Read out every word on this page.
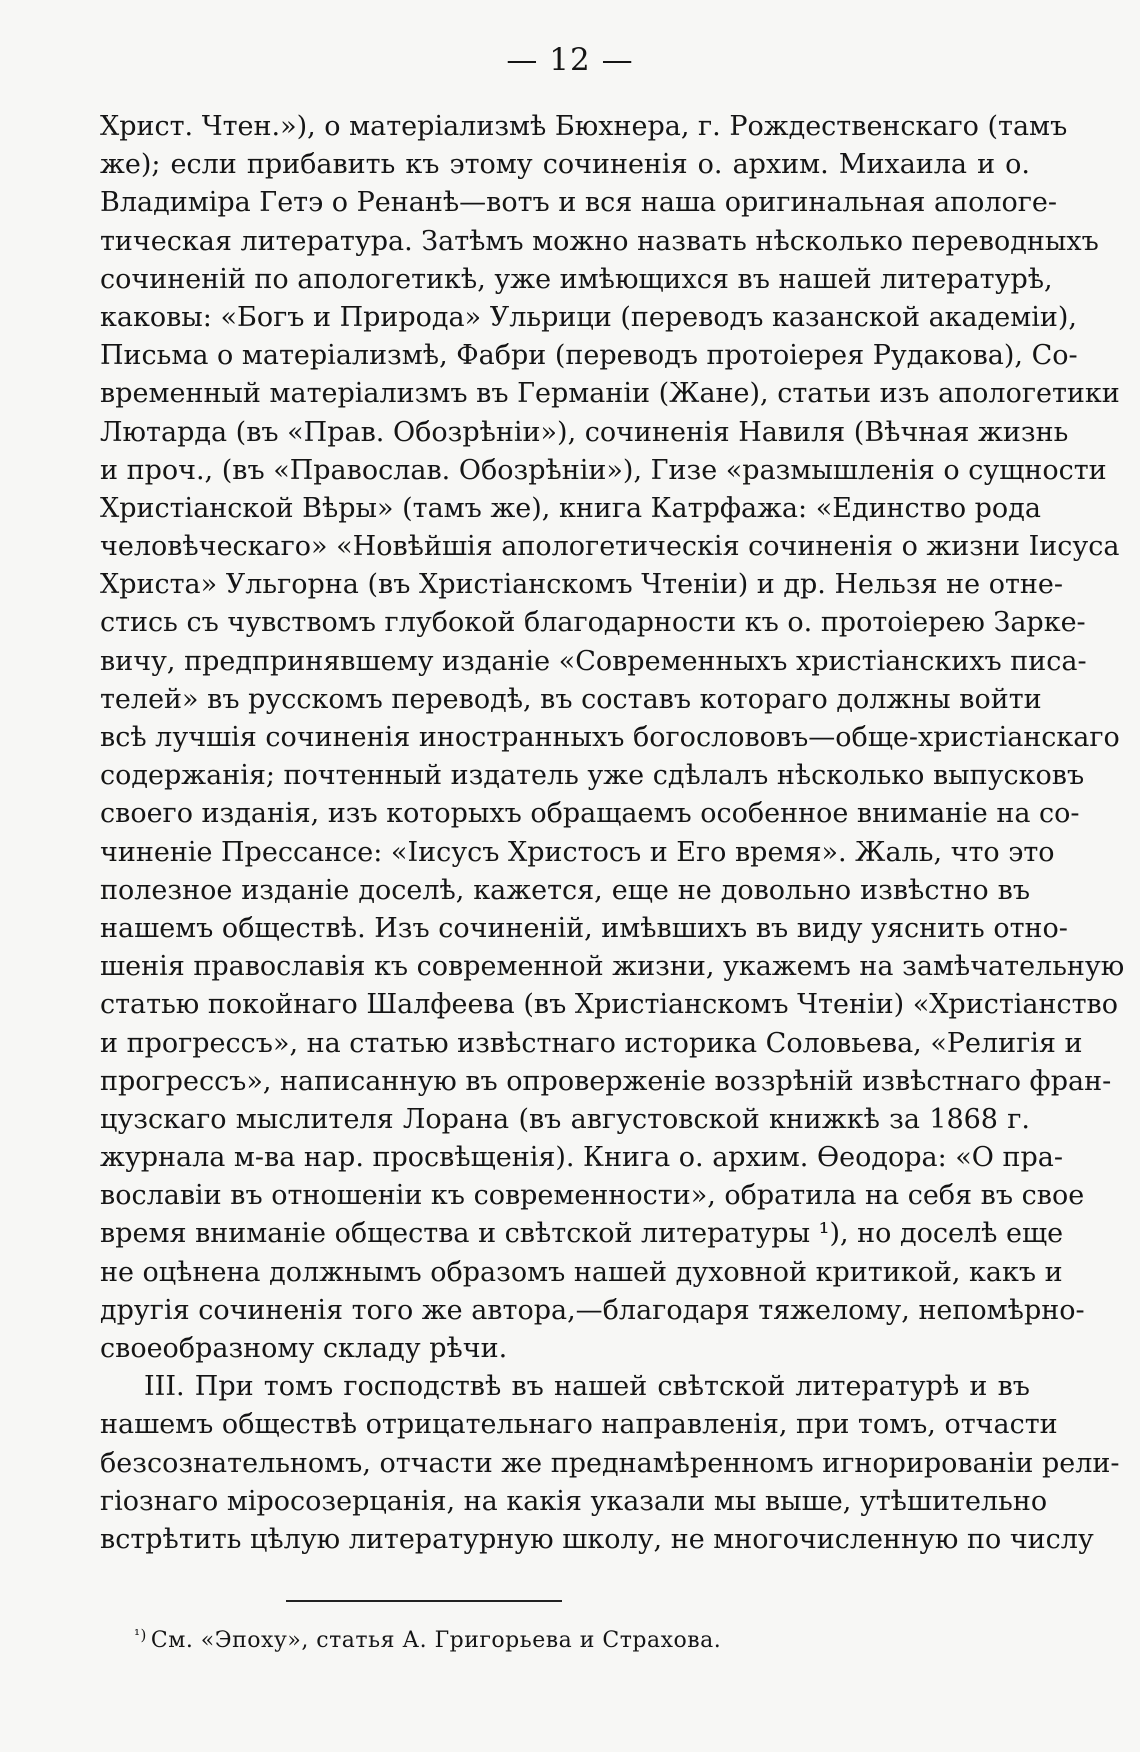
— 12 —
Христ. Чтен.»), о матеріализмѣ Бюхнера, г. Рождественскаго (тамъ
же); если прибавить къ этому сочиненія о. архим. Михаила и о.
Владиміра Гетэ о Ренанѣ—вотъ и вся наша оригинальная апологе-
тическая литература. Затѣмъ можно назвать нѣсколько переводныхъ
сочиненій по апологетикѣ, уже имѣющихся въ нашей литературѣ,
каковы: «Богъ и Природа» Ульрици (переводъ казанской академіи),
Письма о матеріализмѣ, Фабри (переводъ протоіерея Рудакова), Со-
временный матеріализмъ въ Германіи (Жане), статьи изъ апологетики
Лютарда (въ «Прав. Обозрѣніи»), сочиненія Навиля (Вѣчная жизнь
и проч., (въ «Православ. Обозрѣніи»), Гизе «размышленія о сущности
Христіанской Вѣры» (тамъ же), книга Катрфажа: «Единство рода
человѣческаго» «Новѣйшія апологетическія сочиненія о жизни Іисуса
Христа» Ульгорна (въ Христіанскомъ Чтеніи) и др. Нельзя не отне-
стись съ чувствомъ глубокой благодарности къ о. протоіерею Зарке-
вичу, предпринявшему изданіе «Современныхъ христіанскихъ писа-
телей» въ русскомъ переводѣ, въ составъ котораго должны войти
всѣ лучшія сочиненія иностранныхъ богослововъ—обще-христіанскаго
содержанія; почтенный издатель уже сдѣлалъ нѣсколько выпусковъ
своего изданія, изъ которыхъ обращаемъ особенное вниманіе на со-
чиненіе Прессансе: «Іисусъ Христосъ и Его время». Жаль, что это
полезное изданіе доселѣ, кажется, еще не довольно извѣстно въ
нашемъ обществѣ. Изъ сочиненій, имѣвшихъ въ виду уяснить отно-
шенія православія къ современной жизни, укажемъ на замѣчательную
статью покойнаго Шалфеева (въ Христіанскомъ Чтеніи) «Христіанство
и прогрессъ», на статью извѣстнаго историка Соловьева, «Религія и
прогрессъ», написанную въ опроверженіе воззрѣній извѣстнаго фран-
цузскаго мыслителя Лорана (въ августовской книжкѣ за 1868 г.
журнала м-ва нар. просвѣщенія). Книга о. архим. Ѳеодора: «О пра-
вославіи въ отношеніи къ современности», обратила на себя въ свое
время вниманіе общества и свѣтской литературы ¹), но доселѣ еще
не оцѣнена должнымъ образомъ нашей духовной критикой, какъ и
другія сочиненія того же автора,—благодаря тяжелому, непомѣрно-
своеобразному складу рѣчи.
III. При томъ господствѣ въ нашей свѣтской литературѣ и въ
нашемъ обществѣ отрицательнаго направленія, при томъ, отчасти
безсознательномъ, отчасти же преднамѣренномъ игнорированіи рели-
гіознаго міросозерцанія, на какія указали мы выше, утѣшительно
встрѣтить цѣлую литературную школу, не многочисленную по числу
$^{^1)}$ См. «Эпоху», статья А. Григорьева и Страхова.
